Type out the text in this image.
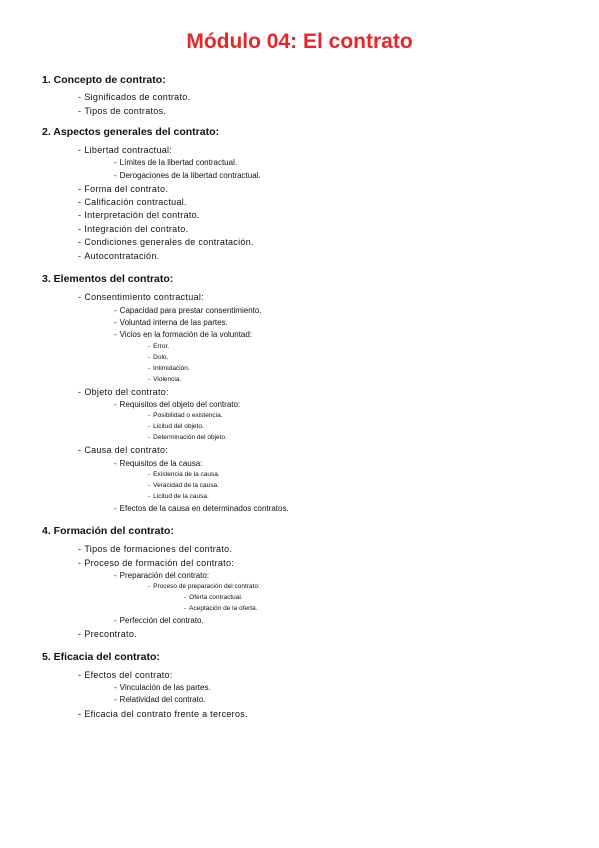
Módulo 04: El contrato
1. Concepto de contrato:
- Significados de contrato.
- Tipos de contratos.
2. Aspectos generales del contrato:
- Libertad contractual:
- Límites de la libertad contractual.
- Derogaciones de la libertad contractual.
- Forma del contrato.
- Calificación contractual.
- Interpretación del contrato.
- Integración del contrato.
- Condiciones generales de contratación.
- Autocontratación.
3. Elementos del contrato:
- Consentimiento contractual:
- Capacidad para prestar consentimiento.
- Voluntad interna de las partes.
- Vicios en la formación de la voluntad:
- Error.
- Dolo.
- Intimidación.
- Violencia.
- Objeto del contrato:
- Requisitos del objeto del contrato:
- Posibilidad o existencia.
- Licitud del objeto.
- Determinación del objeto.
- Causa del contrato:
- Requisitos de la causa:
- Existencia de la causa.
- Veracidad de la causa.
- Licitud de la causa.
- Efectos de la causa en determinados contratos.
4. Formación del contrato:
- Tipos de formaciones del contrato.
- Proceso de formación del contrato:
- Preparación del contrato:
- Proceso de preparación del contrato:
- Oferta contractual.
- Aceptación de la oferta.
- Perfección del contrato.
- Precontrato.
5. Eficacia del contrato:
- Efectos del contrato:
- Vinculación de las partes.
- Relatividad del contrato.
- Eficacia del contrato frente a terceros.
